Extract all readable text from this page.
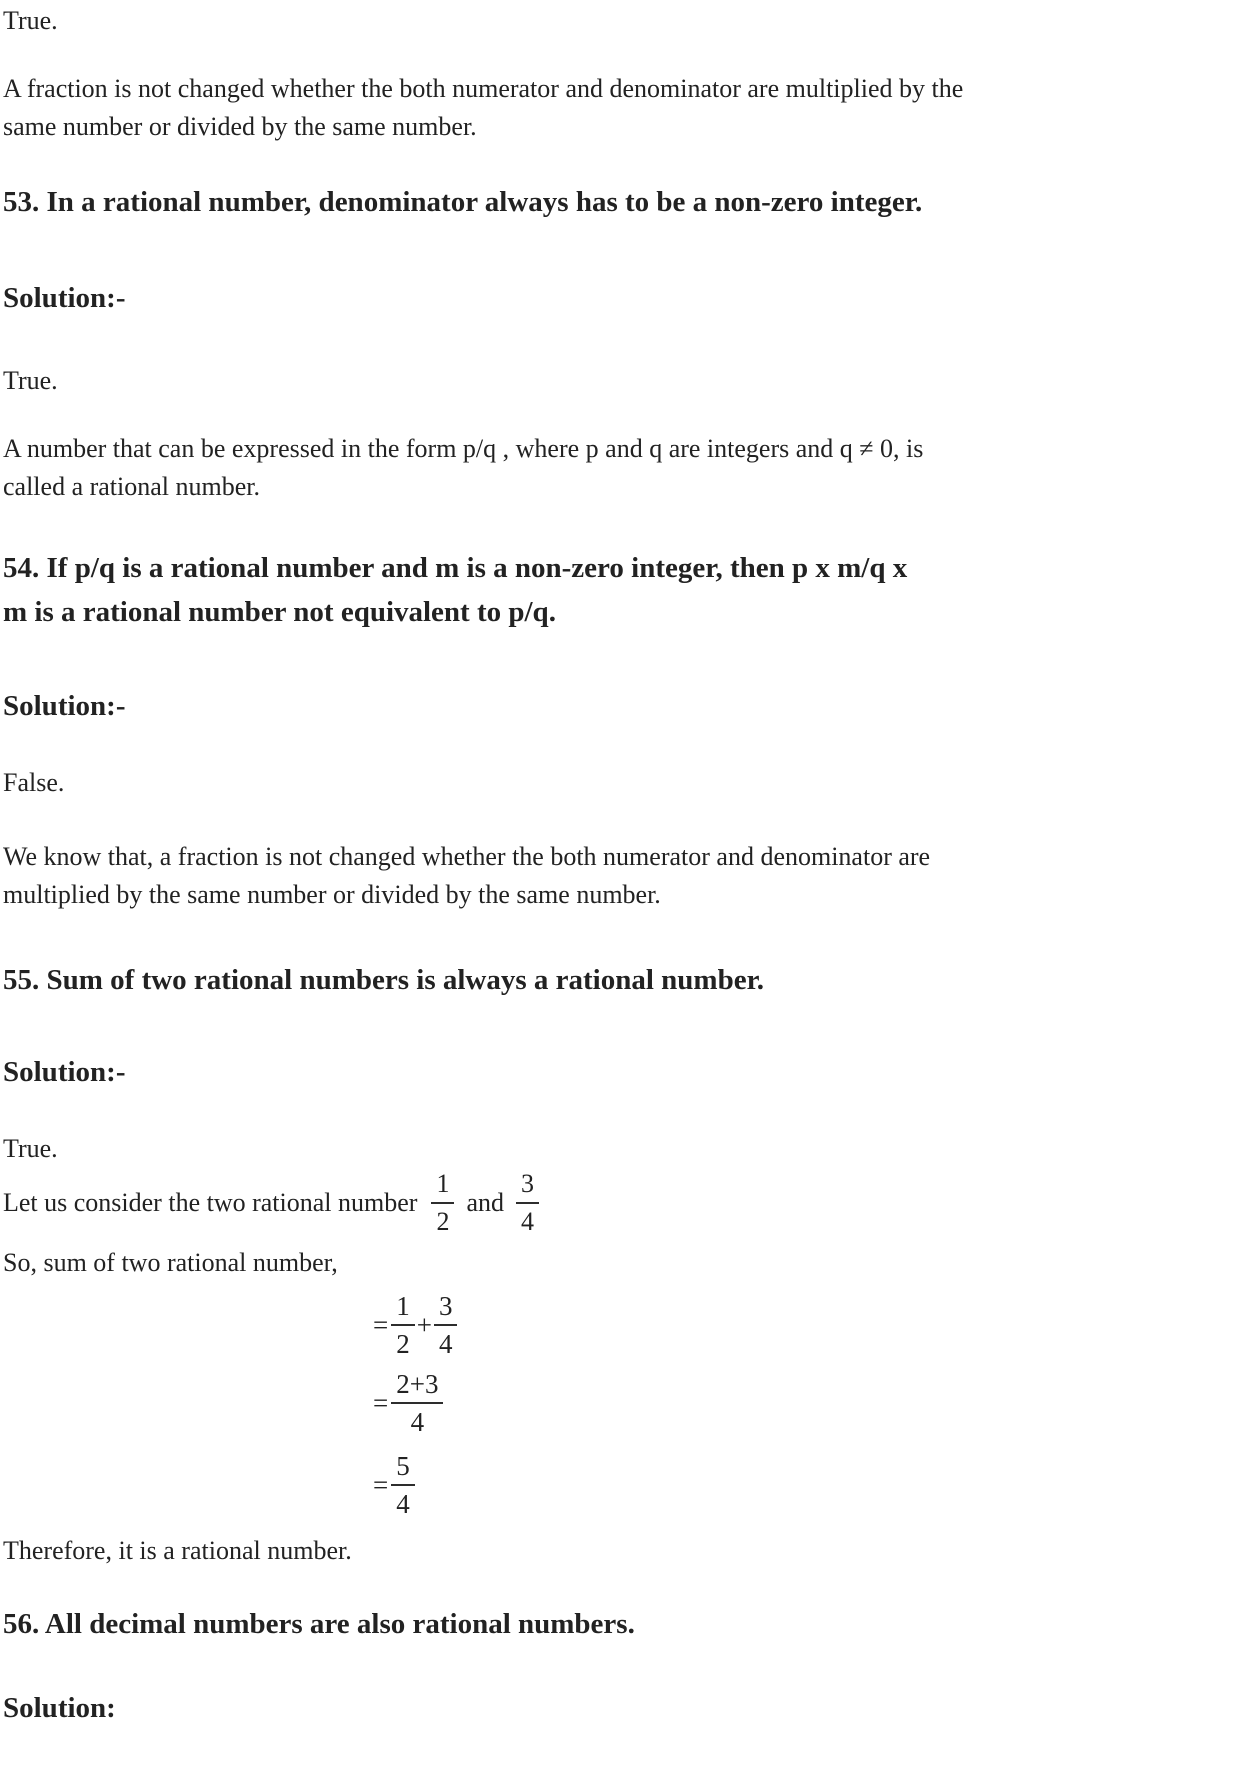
True.

A fraction is not changed whether the both numerator and denominator are multiplied by the
same number or divided by the same number.

53. In a rational number, denominator always has to be a non-zero integer.

Solution:-

True.

A number that can be expressed in the form p/q , where p and q are integers and q ≠ 0, is
called a rational number.

54. If p/q is a rational number and m is a non-zero integer, then p x m/q x
m is a rational number not equivalent to p/q.

Solution:-

False.

We know that, a fraction is not changed whether the both numerator and denominator are
multiplied by the same number or divided by the same number.

55. Sum of two rational numbers is always a rational number.

Solution:-

True.

Let us consider the two rational number $\frac{1}{2}$ and $\frac{3}{4}$

So, sum of two rational number,

= $\frac{1}{2} + \frac{3}{4}$
= $\frac{2+3}{4}$
= $\frac{5}{4}$

Therefore, it is a rational number.

56. All decimal numbers are also rational numbers.

Solution:
